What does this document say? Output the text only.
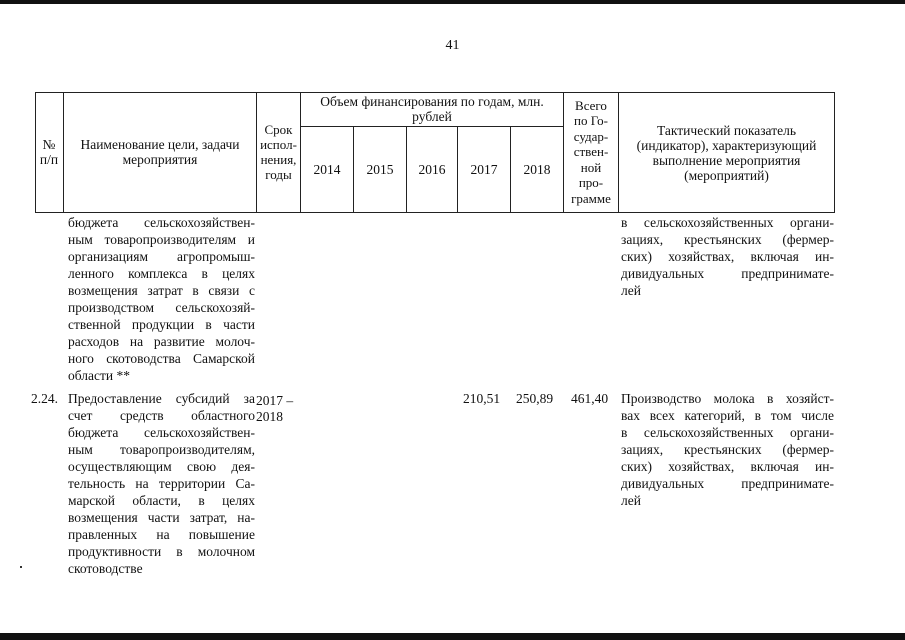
41
№
п/п
Наименование цели, задачи
мероприятия
Срок
испол-
нения,
годы
Объем финансирования по годам, млн.
рублей
2014 2015 2016 2017 2018
Всего
по Го-
судар-
ствен-
ной
про-
грамме
Тактический показатель
(индикатор), характеризующий
выполнение мероприятия
(мероприятий)
бюджета сельскохозяйствен-
ным товаропроизводителям и
организациям агропромыш-
ленного комплекса в целях
возмещения затрат в связи с
производством сельскохозяй-
ственной продукции в части
расходов на развитие молоч-
ного скотоводства Самарской
области **
в сельскохозяйственных органи-
зациях, крестьянских (фермер-
ских) хозяйствах, включая ин-
дивидуальных предпринимате-
лей
2.24. Предоставление субсидий за
счет средств областного
бюджета сельскохозяйствен-
ным товаропроизводителям,
осуществляющим свою дея-
тельность на территории Са-
марской области, в целях
возмещения части затрат, на-
правленных на повышение
продуктивности в молочном
скотоводстве
2017 –
2018
210,51 250,89 461,40 Производство молока в хозяйст-
вах всех категорий, в том числе
в сельскохозяйственных органи-
зациях, крестьянских (фермер-
ских) хозяйствах, включая ин-
дивидуальных предпринимате-
лей
